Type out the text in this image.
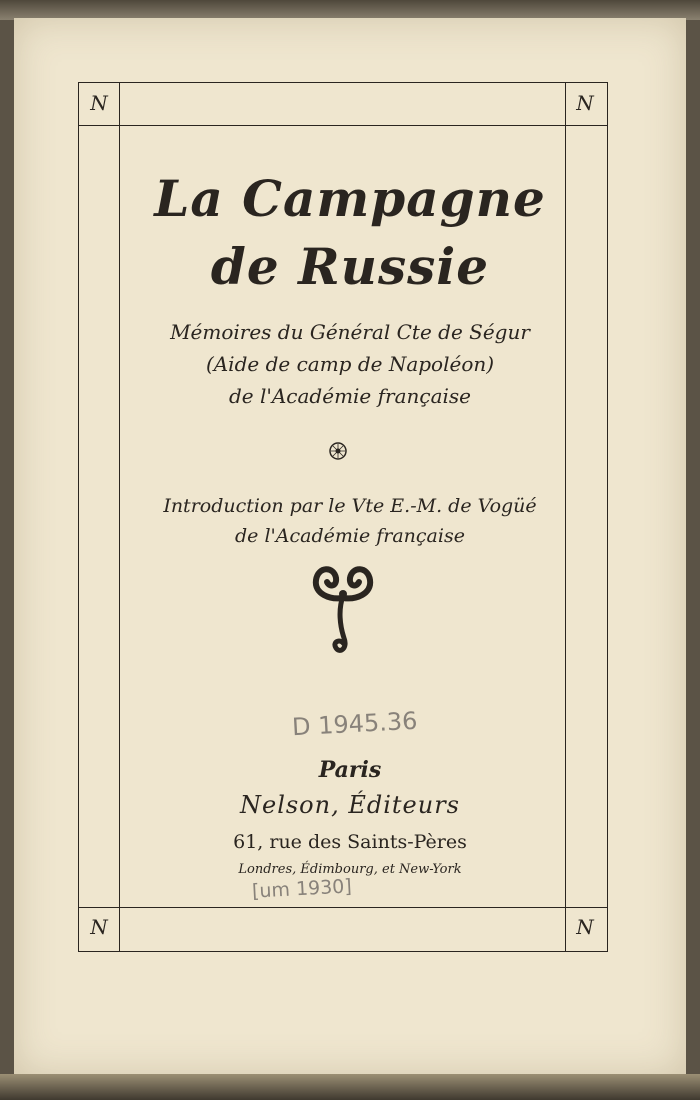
N	N
N	N
La Campagne
de Russie
Mémoires du Général Cte de Ségur
(Aide de camp de Napoléon)
de l'Académie française
Introduction par le Vte E.-M. de Vogüé
de l'Académie française
D 1945.36
Paris
Nelson, Éditeurs
61, rue des Saints-Pères
Londres, Édimbourg, et New-York
[um 1930]
